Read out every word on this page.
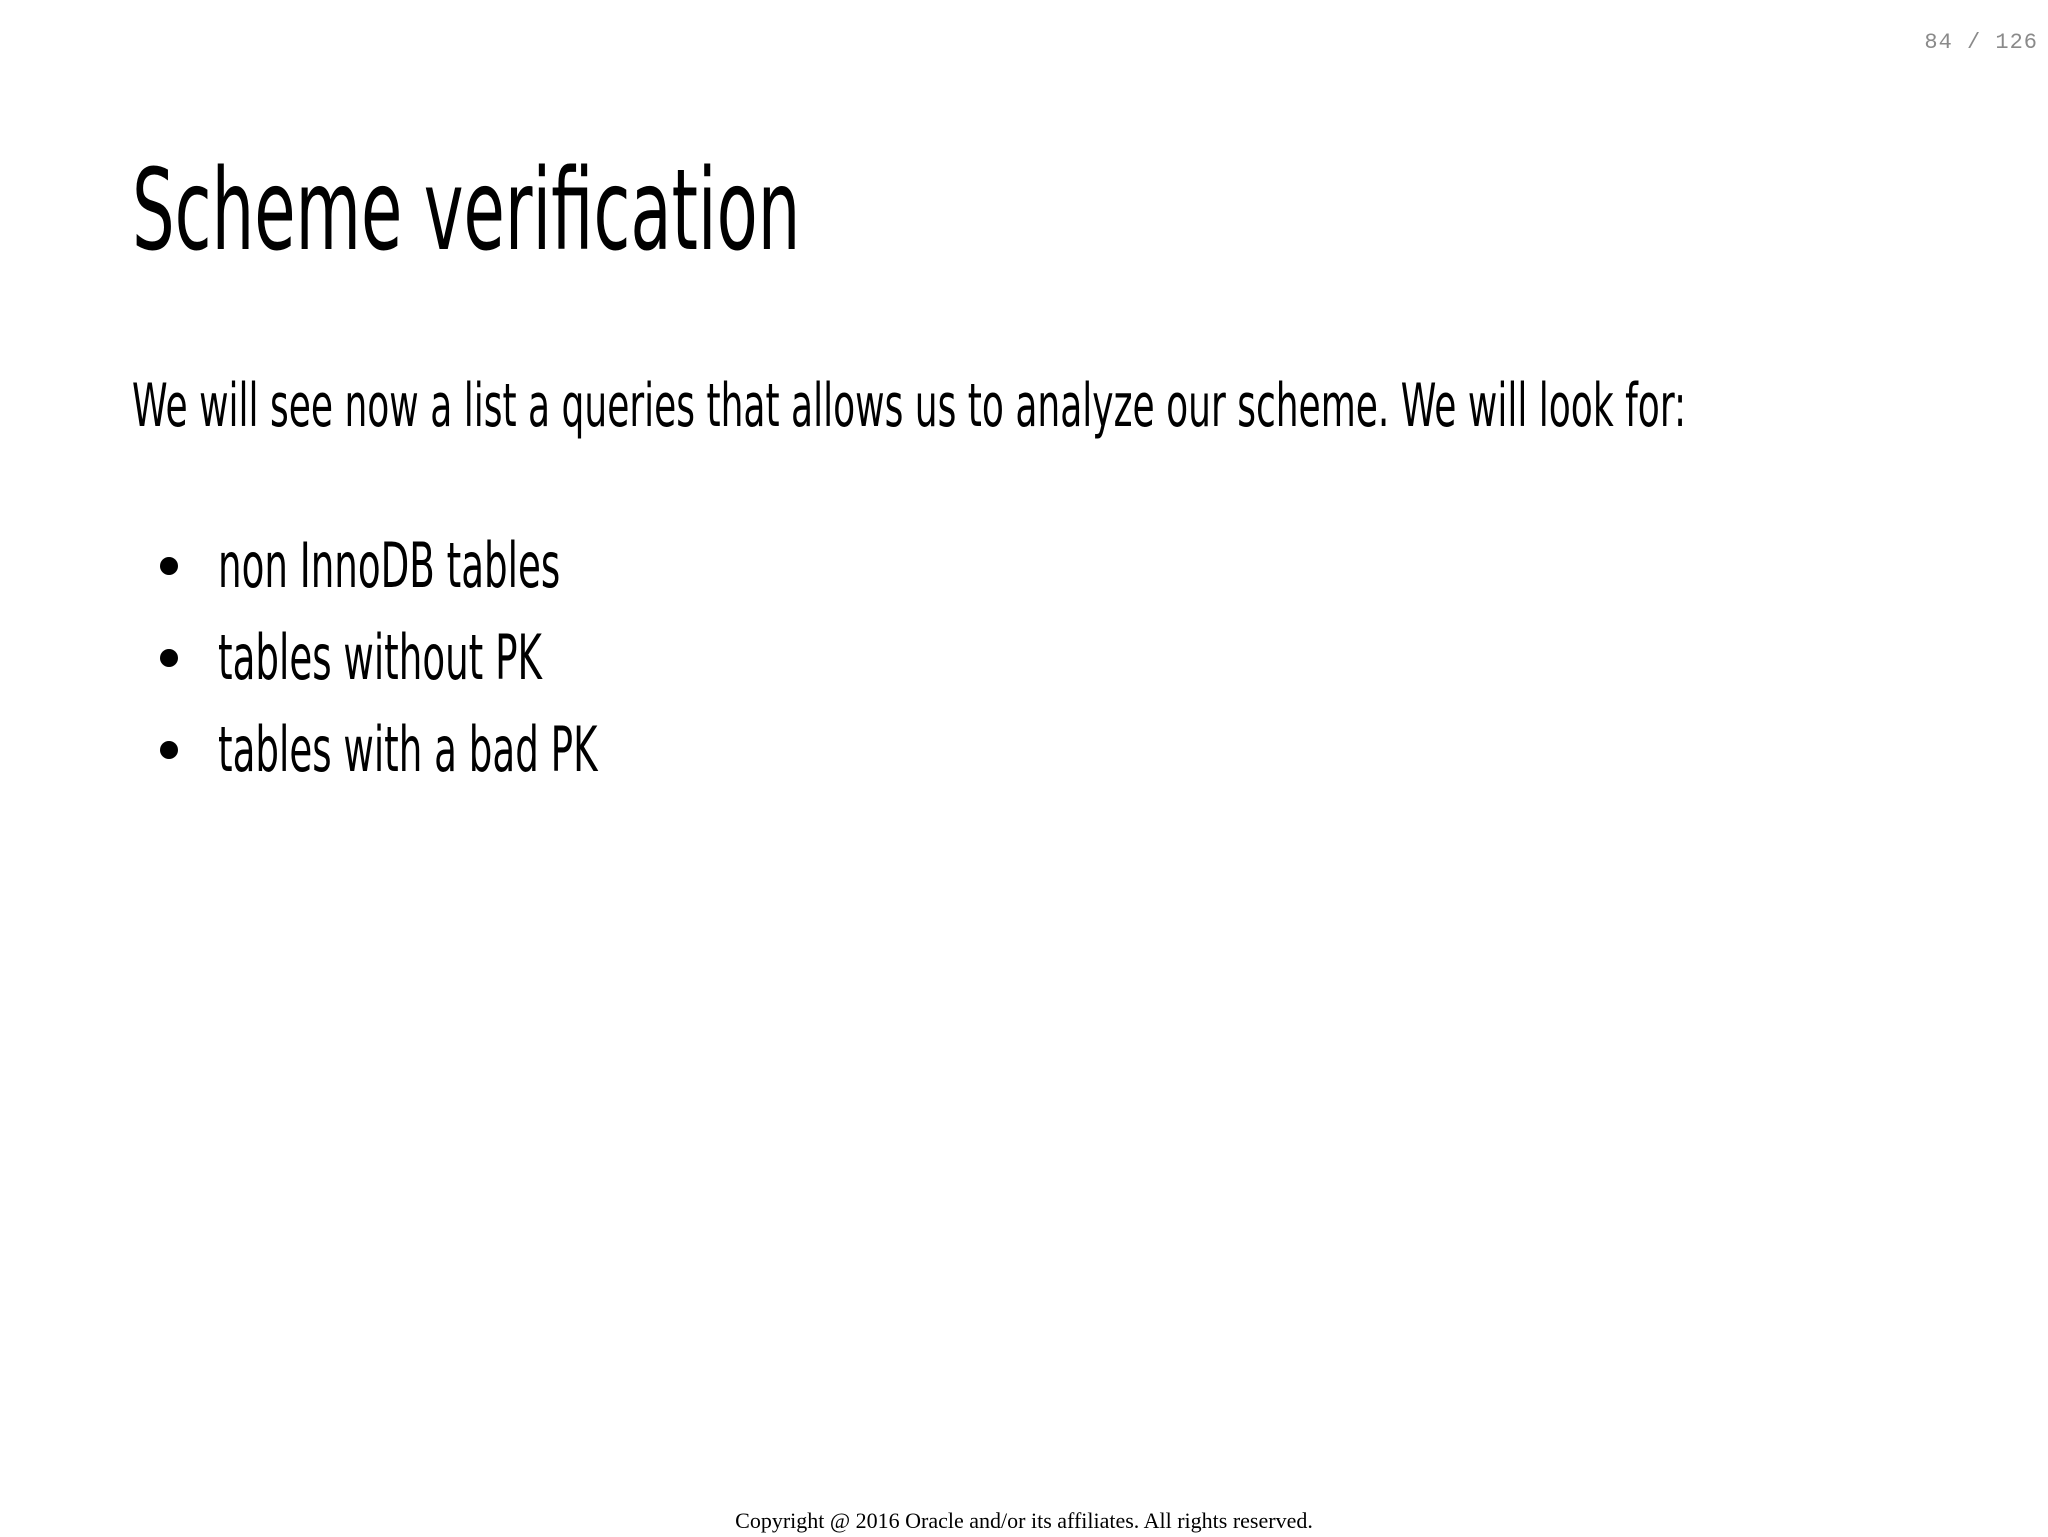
84 / 126
Scheme verification

We will see now a list a queries that allows us to analyze our scheme. We will look for:

non InnoDB tables
tables without PK
tables with a bad PK
Copyright @ 2016 Oracle and/or its affiliates. All rights reserved.
